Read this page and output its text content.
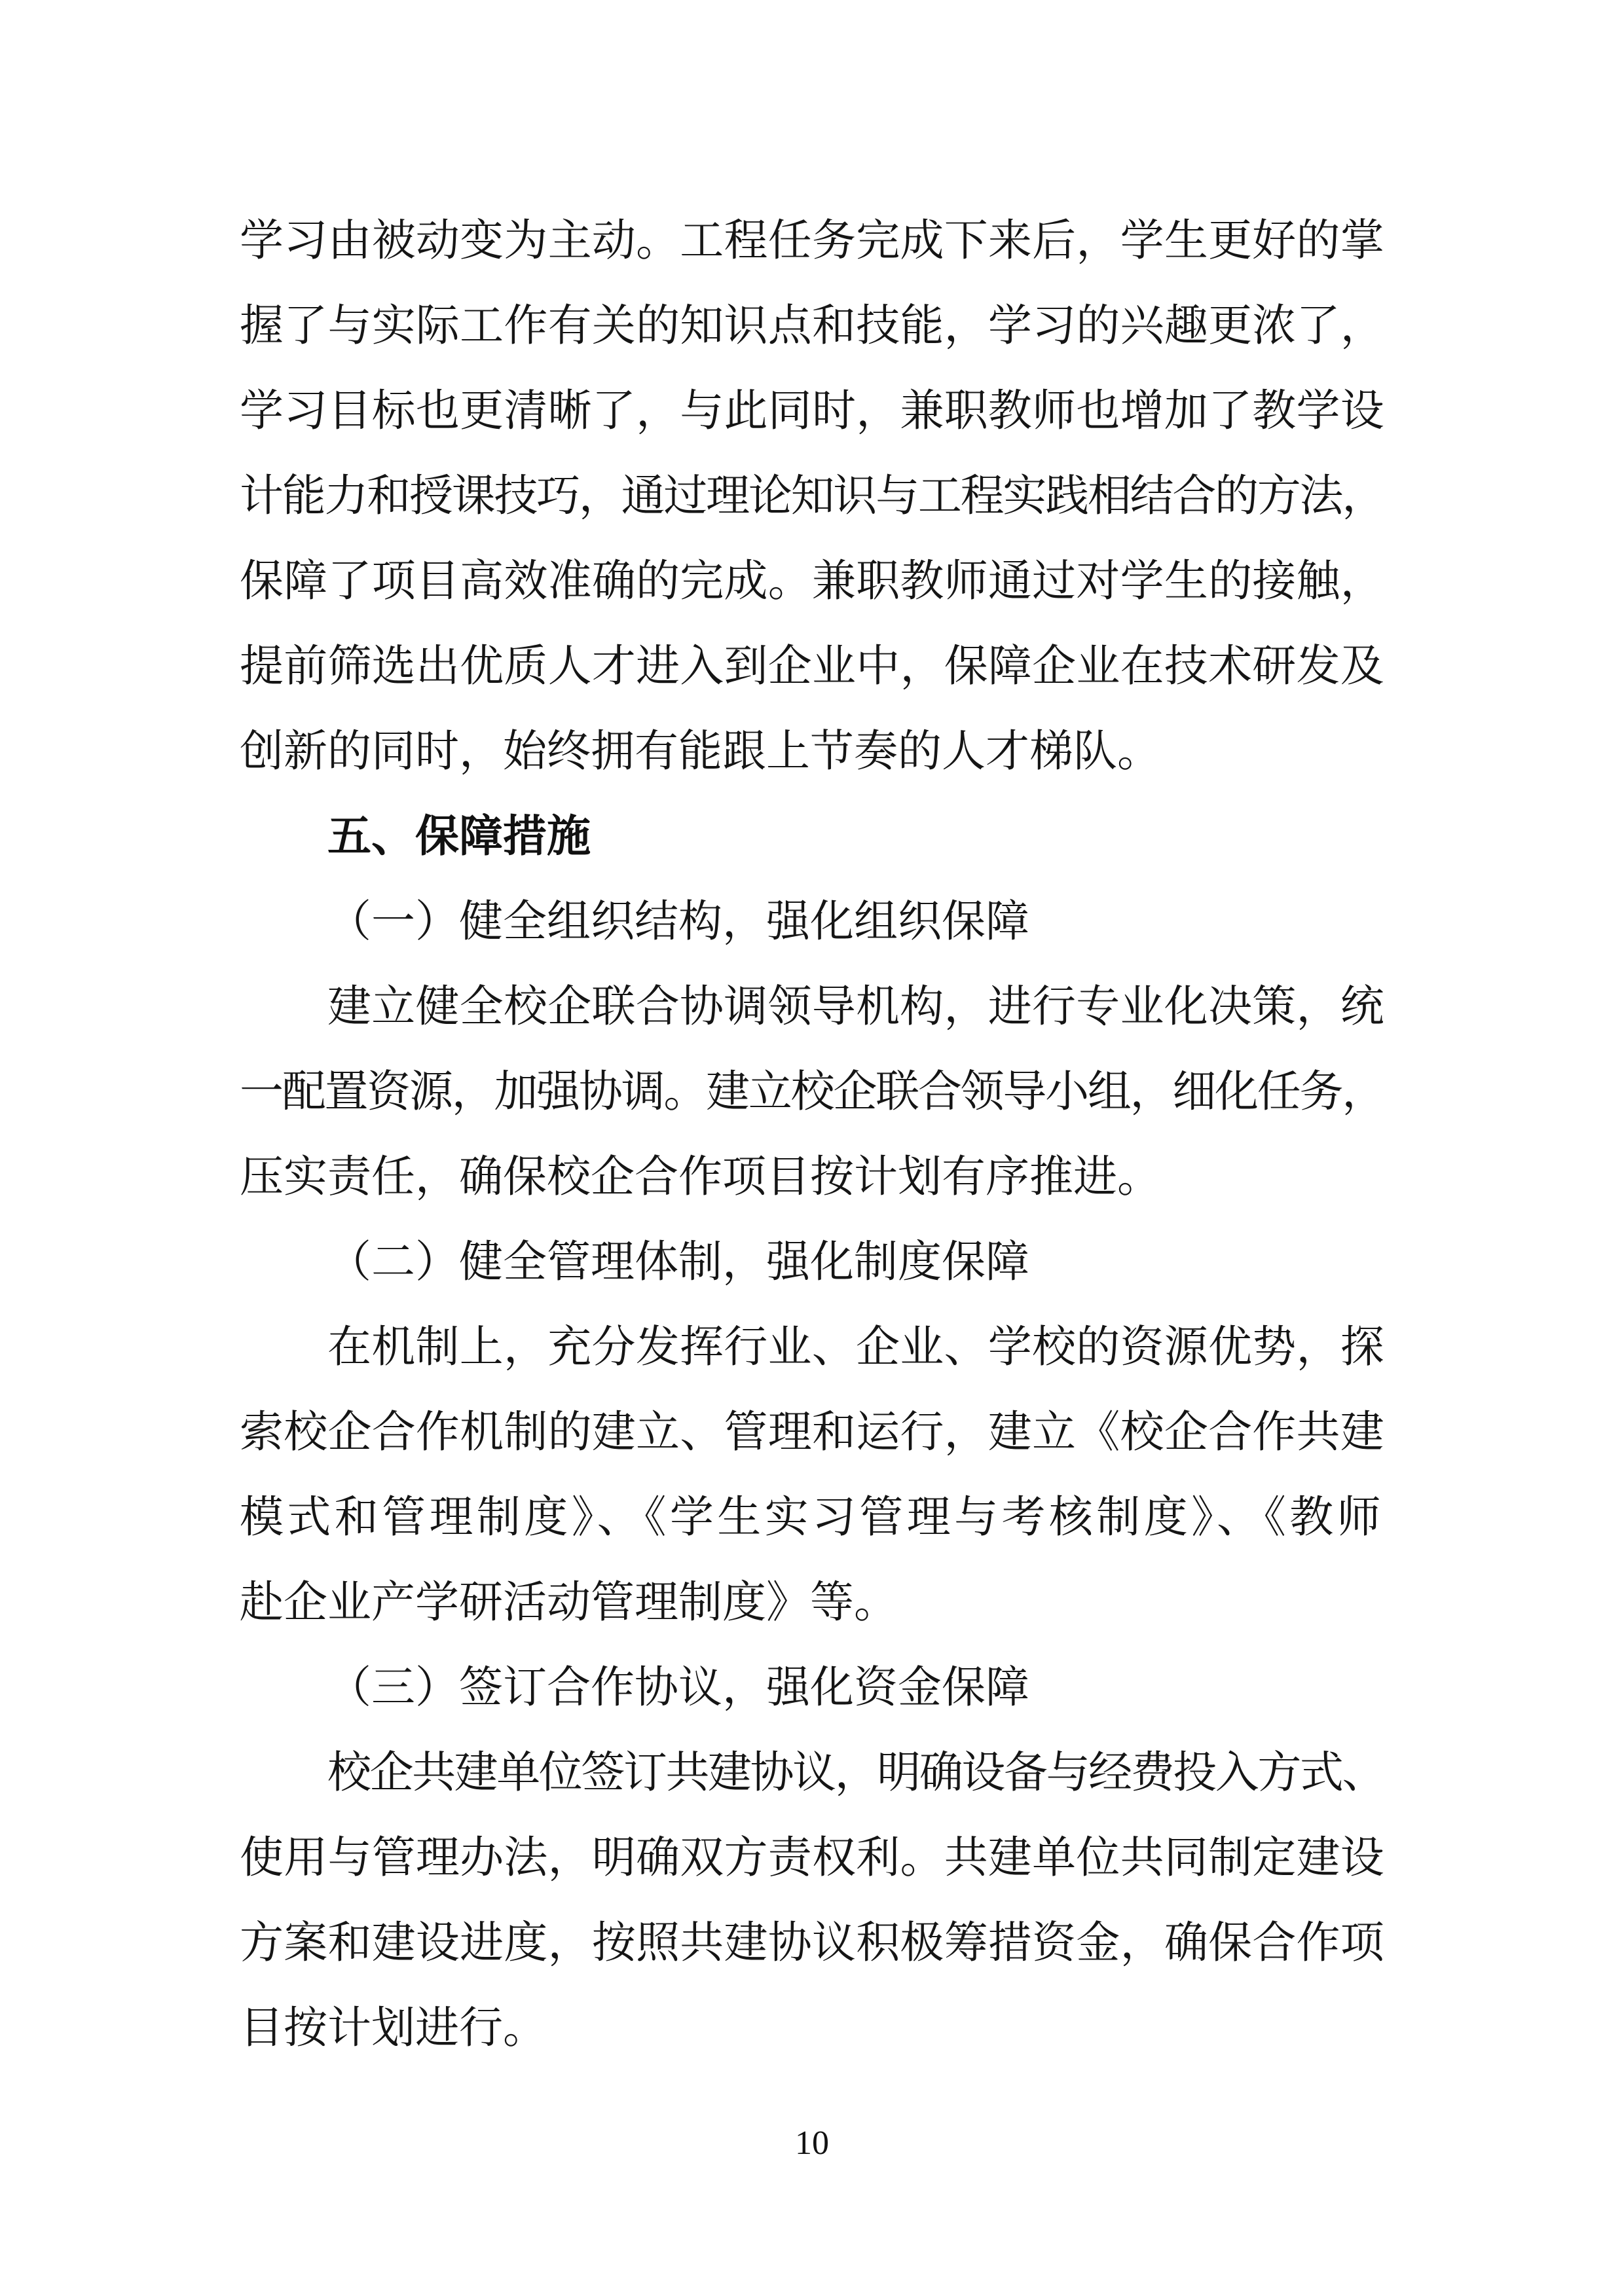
学习由被动变为主动。工程任务完成下来后，学生更好的掌
握了与实际工作有关的知识点和技能，学习的兴趣更浓了，
学习目标也更清晰了，与此同时，兼职教师也增加了教学设
计能力和授课技巧，通过理论知识与工程实践相结合的方法，
保障了项目高效准确的完成。兼职教师通过对学生的接触，
提前筛选出优质人才进入到企业中，保障企业在技术研发及
创新的同时，始终拥有能跟上节奏的人才梯队。
五、保障措施
（一）健全组织结构，强化组织保障
建立健全校企联合协调领导机构，进行专业化决策，统
一配置资源，加强协调。建立校企联合领导小组，细化任务，
压实责任，确保校企合作项目按计划有序推进。
（二）健全管理体制，强化制度保障
在机制上，充分发挥行业、企业、学校的资源优势，探
索校企合作机制的建立、管理和运行，建立《校企合作共建
模式和管理制度》、《学生实习管理与考核制度》、《教师
赴企业产学研活动管理制度》等。
（三）签订合作协议，强化资金保障
校企共建单位签订共建协议，明确设备与经费投入方式、
使用与管理办法，明确双方责权利。共建单位共同制定建设
方案和建设进度，按照共建协议积极筹措资金，确保合作项
目按计划进行。
10
